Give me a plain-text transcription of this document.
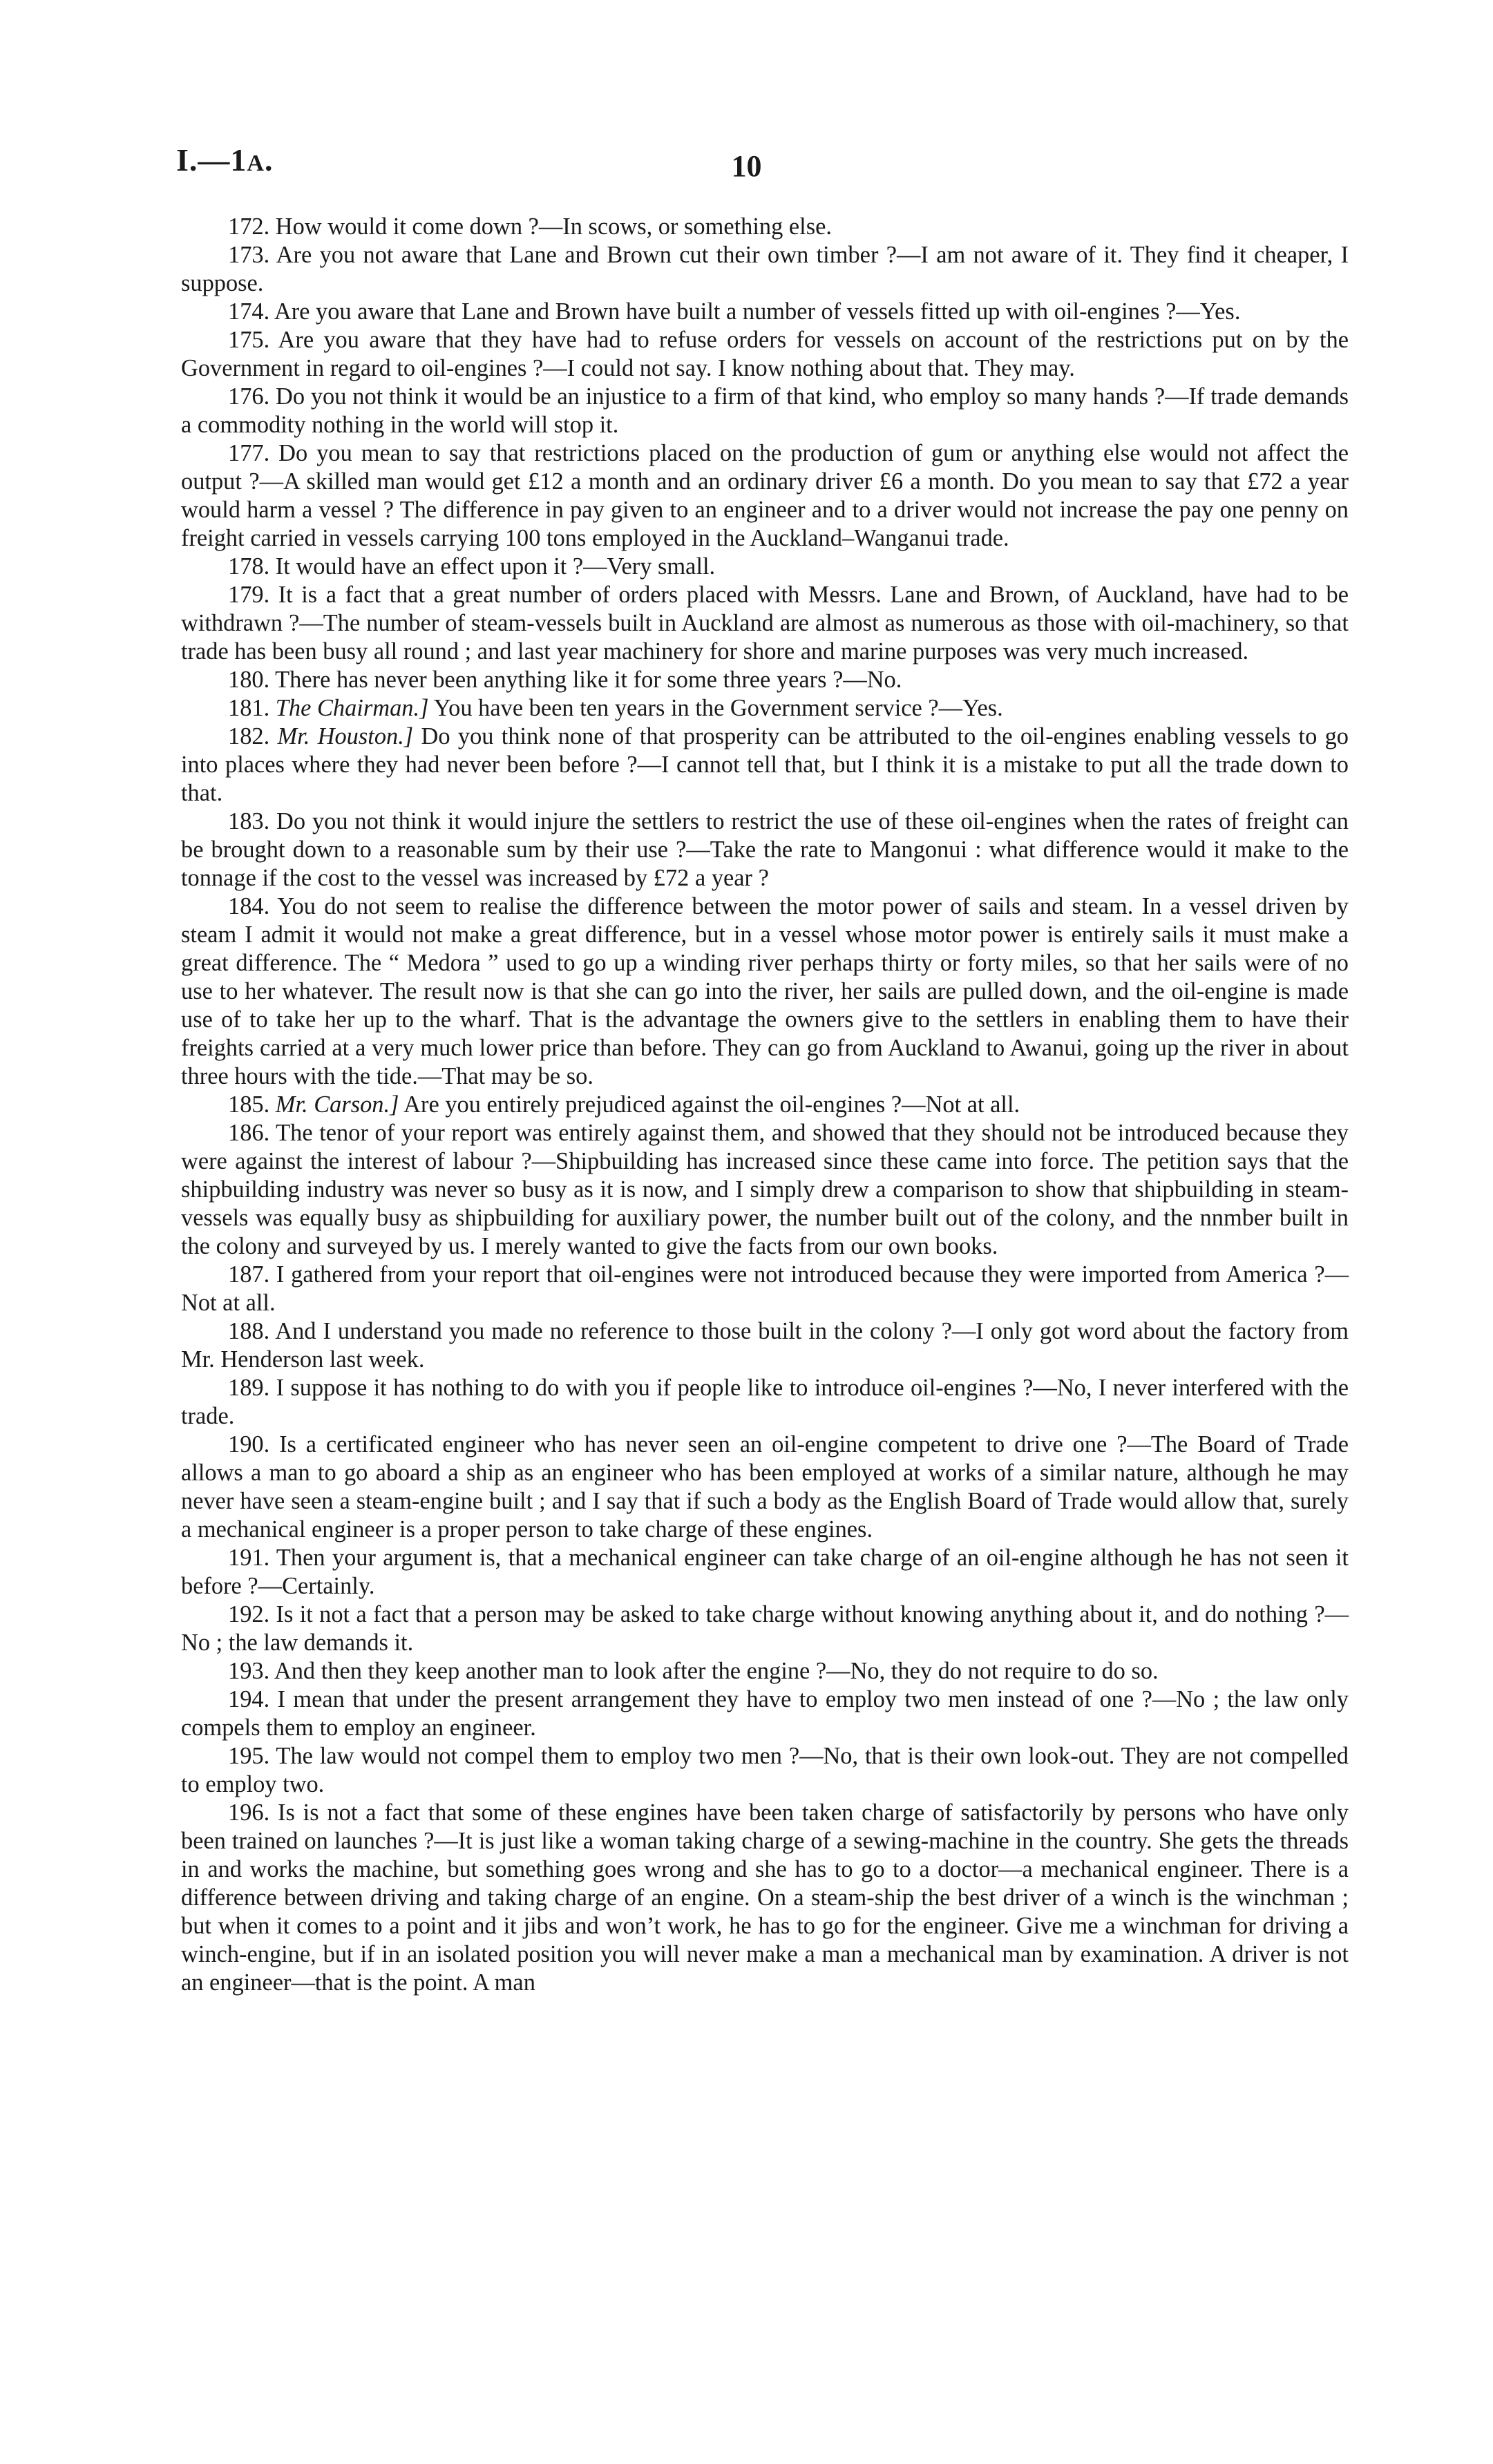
I.—1A.	10

172. How would it come down ?—In scows, or something else.

173. Are you not aware that Lane and Brown cut their own timber ?—I am not aware of it. They find it cheaper, I suppose.

174. Are you aware that Lane and Brown have built a number of vessels fitted up with oil-engines ?—Yes.

175. Are you aware that they have had to refuse orders for vessels on account of the restrictions put on by the Government in regard to oil-engines ?—I could not say. I know nothing about that. They may.

176. Do you not think it would be an injustice to a firm of that kind, who employ so many hands ?—If trade demands a commodity nothing in the world will stop it.

177. Do you mean to say that restrictions placed on the production of gum or anything else would not affect the output ?—A skilled man would get £12 a month and an ordinary driver £6 a month. Do you mean to say that £72 a year would harm a vessel ? The difference in pay given to an engineer and to a driver would not increase the pay one penny on freight carried in vessels carrying 100 tons employed in the Auckland–Wanganui trade.

178. It would have an effect upon it ?—Very small.

179. It is a fact that a great number of orders placed with Messrs. Lane and Brown, of Auckland, have had to be withdrawn ?—The number of steam-vessels built in Auckland are almost as numerous as those with oil-machinery, so that trade has been busy all round ; and last year machinery for shore and marine purposes was very much increased.

180. There has never been anything like it for some three years ?—No.

181. The Chairman.] You have been ten years in the Government service ?—Yes.

182. Mr. Houston.] Do you think none of that prosperity can be attributed to the oil-engines enabling vessels to go into places where they had never been before ?—I cannot tell that, but I think it is a mistake to put all the trade down to that.

183. Do you not think it would injure the settlers to restrict the use of these oil-engines when the rates of freight can be brought down to a reasonable sum by their use ?—Take the rate to Mangonui : what difference would it make to the tonnage if the cost to the vessel was increased by £72 a year ?

184. You do not seem to realise the difference between the motor power of sails and steam. In a vessel driven by steam I admit it would not make a great difference, but in a vessel whose motor power is entirely sails it must make a great difference. The “ Medora ” used to go up a winding river perhaps thirty or forty miles, so that her sails were of no use to her whatever. The result now is that she can go into the river, her sails are pulled down, and the oil-engine is made use of to take her up to the wharf. That is the advantage the owners give to the settlers in enabling them to have their freights carried at a very much lower price than before. They can go from Auckland to Awanui, going up the river in about three hours with the tide.—That may be so.

185. Mr. Carson.] Are you entirely prejudiced against the oil-engines ?—Not at all.

186. The tenor of your report was entirely against them, and showed that they should not be introduced because they were against the interest of labour ?—Shipbuilding has increased since these came into force. The petition says that the shipbuilding industry was never so busy as it is now, and I simply drew a comparison to show that shipbuilding in steam-vessels was equally busy as shipbuilding for auxiliary power, the number built out of the colony, and the nnmber built in the colony and surveyed by us. I merely wanted to give the facts from our own books.

187. I gathered from your report that oil-engines were not introduced because they were imported from America ?—Not at all.

188. And I understand you made no reference to those built in the colony ?—I only got word about the factory from Mr. Henderson last week.

189. I suppose it has nothing to do with you if people like to introduce oil-engines ?—No, I never interfered with the trade.

190. Is a certificated engineer who has never seen an oil-engine competent to drive one ?—The Board of Trade allows a man to go aboard a ship as an engineer who has been employed at works of a similar nature, although he may never have seen a steam-engine built ; and I say that if such a body as the English Board of Trade would allow that, surely a mechanical engineer is a proper person to take charge of these engines.

191. Then your argument is, that a mechanical engineer can take charge of an oil-engine although he has not seen it before ?—Certainly.

192. Is it not a fact that a person may be asked to take charge without knowing anything about it, and do nothing ?—No ; the law demands it.

193. And then they keep another man to look after the engine ?—No, they do not require to do so.

194. I mean that under the present arrangement they have to employ two men instead of one ?—No ; the law only compels them to employ an engineer.

195. The law would not compel them to employ two men ?—No, that is their own look-out. They are not compelled to employ two.

196. Is is not a fact that some of these engines have been taken charge of satisfactorily by persons who have only been trained on launches ?—It is just like a woman taking charge of a sewing-machine in the country. She gets the threads in and works the machine, but something goes wrong and she has to go to a doctor—a mechanical engineer. There is a difference between driving and taking charge of an engine. On a steam-ship the best driver of a winch is the winchman ; but when it comes to a point and it jibs and won’t work, he has to go for the engineer. Give me a winchman for driving a winch-engine, but if in an isolated position you will never make a man a mechanical man by examination. A driver is not an engineer—that is the point. A man
